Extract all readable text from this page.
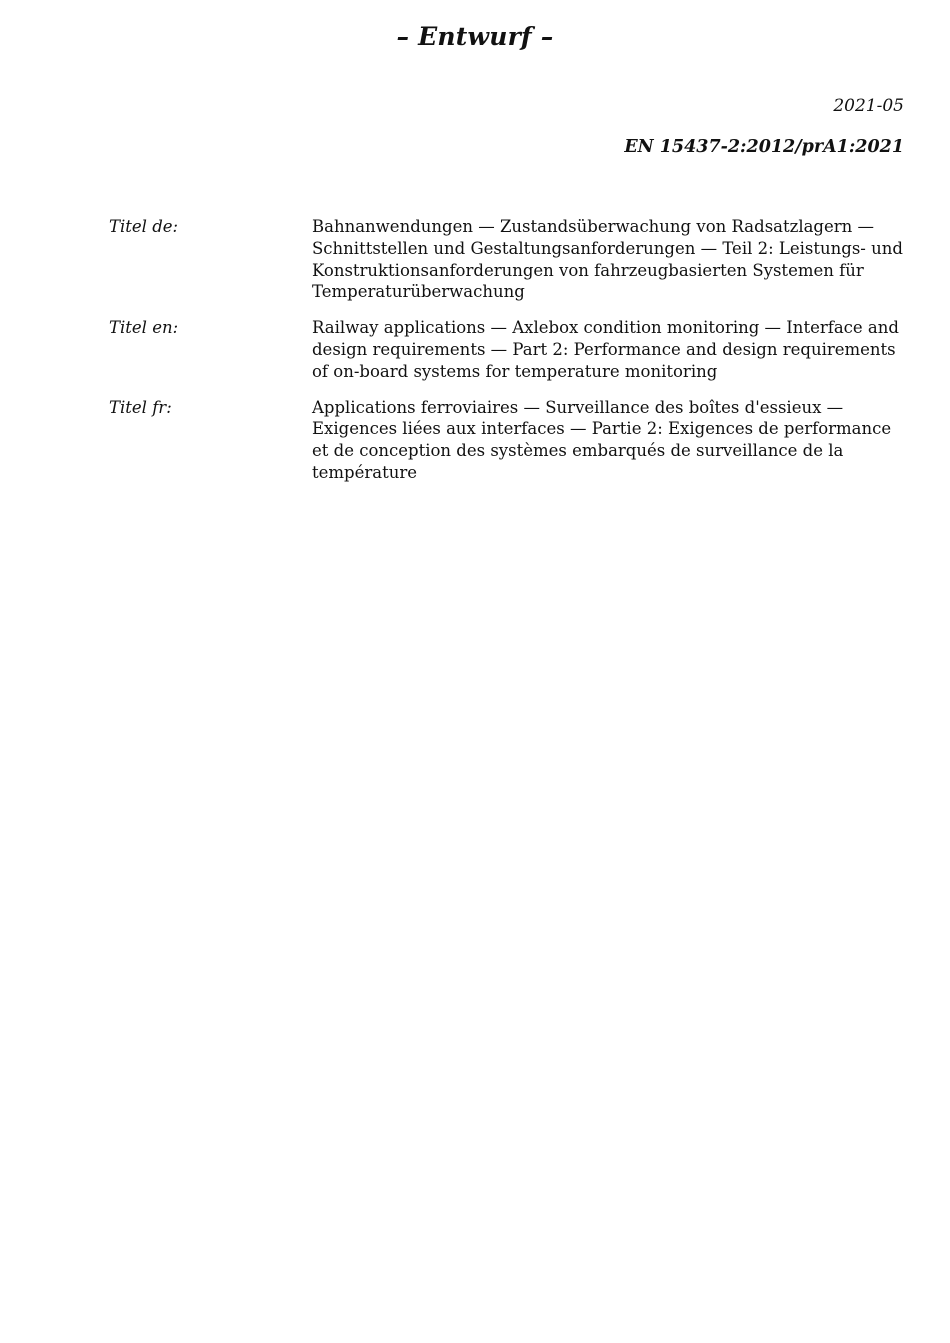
– Entwurf –
2021-05
EN 15437-2:2012/prA1:2021
Titel de:	Bahnanwendungen — Zustandsüberwachung von Radsatzlagern — Schnittstellen und Gestaltungsanforderungen — Teil 2: Leistungs- und Konstruktionsanforderungen von fahrzeugbasierten Systemen für Temperaturüberwachung
Titel en:	Railway applications — Axlebox condition monitoring — Interface and design requirements — Part 2: Performance and design requirements of on-board systems for temperature monitoring
Titel fr:	Applications ferroviaires — Surveillance des boîtes d'essieux — Exigences liées aux interfaces — Partie 2: Exigences de performance et de conception des systèmes embarqués de surveillance de la température
